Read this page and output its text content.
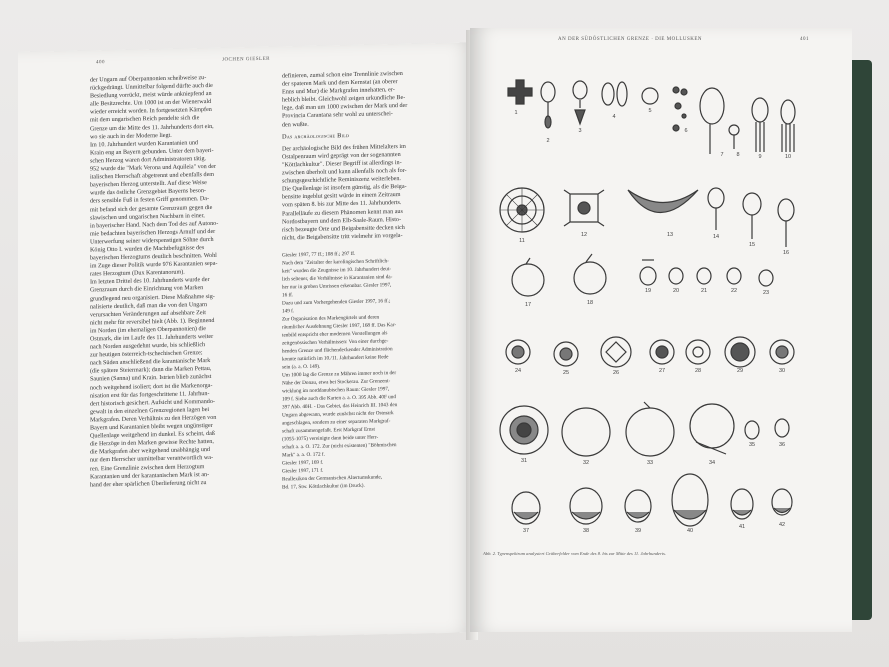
400
JOCHEN GIESLER

der Ungarn auf Oberpannonien scheibweise zu-

rückgedrängt. Unmittelbar folgend dürfte auch die

Besiedlung vorrückt, meist würde ankniepfend an

alle Besitzrechte. Um 1000 ist an der Wienerwald

wieder erreicht worden. In fortgesetzten Kämpfen

mit dem ungarischen Reich pendelte sich die

Grenze um die Mitte des 11. Jahrhunderts dort ein,

wo sie auch in der Moderne liegt.

Im 10. Jahrhundert wurden Karantanien und

Krain eng an Bayern gebunden. Unter dem bayeri-

schen Herzog waren dort Administratoren tätig.

952 wurde die "Mark Verona und Aquileia" von der

italischen Herrschaft abgetrennt und ebenfalls dem

bayerischen Herzog unterstellt. Auf diese Weise

wurde das östliche Grenzgebiet Bayerns beson-

ders sensible Fuß in festen Griff genommen. Da-

mit befand sich der gesamte Grenzraum gegen die

slawischen und ungarischen Nachbarn in einer,

in bayerischer Hand. Nach dem Tod des auf Autono-

mie bedachten bayerischen Herzogs Arnulf und der

Unterwerfung seiner widerspenstigen Söhne durch

König Otto I. wurden die Machtbefugnisse des

bayerischen Herzogtums deutlich beschnitten. Wohl

im Zuge dieser Politik wurde 976 Karantanien sepa-

rates Herzogtum (Dux Karentanorum).

Im letzten Drittel des 10. Jahrhunderts wurde der

Grenzraum durch die Einrichtung von Marken

grundlegend neu organisiert. Diese Maßnahme sig-

nalisierte deutlich, daß man die von den Ungarn

verursachten Veränderungen auf absehbare Zeit

nicht mehr für reversibel hielt (Abb. 1). Beginnend

im Norden (im ehemaligen Oberpannonien) die

Ostmark, die im Laufe des 11. Jahrhunderts weiter

nach Norden ausgedehnt wurde, bis schließlich

zur heutigen österreich-tschechischen Grenze;

nach Süden anschließend die karantanische Mark

(die spätere Steiermark); dann die Marken Pettau,

Saunien (Sanna) und Krain. Istrien blieb zunächst

noch weitgehend isoliert; dort ist die Markenorga-

nisation erst für das fortgeschrittene 11. Jahrhun-

dert historisch gesichert. Aufsicht und Kommando-

gewalt in den einzelnen Grenzregionen lagen bei

Markgrafen. Deren Verhältnis zu den Herzögen von

Bayern und Karantanien bleibt wegen ungünstiger

Quellenlage weitgehend im dunkel. Es scheint, daß

die Herzöge in den Marken gewisse Rechte hatten,

die Markgrafen aber weitgehend unabhängig und

nur dem Herrscher unmittelbar verantwortlich wa-

ren. Eine Grenzlinie zwischen dem Herzogtum

Karantanien und der karantanischen Mark ist an-

hand der eher spärlichen Überlieferung nicht zu

definieren, zumal schon eine Trennlinie zwischen

der spateren Mark und dem Kernstat (an oberer

Enns und Mur) die Markgrafen innehatten, er-

heblich bleibt. Gleichwohl zeigen urkundliche Be-

lege, daß man um 1000 zwischen der Mark und der

Provincia Carantana sehr wohl zu unterschei-

den wußte.

Das archäologische Bild

Der archäologische Bild des frühen Mittelalters im

Ostalpenraum wird geprägt von der sogenannten

"Köttlachkultur". Dieser Begriff ist allerdings in-

zwischen überholt und kann allenfalls noch als for-

schungsgeschichtliche Reminiszenz weiterleben.

Die Quellenlage ist insofern günstig, als die Beiga-

bensitte ingeblut gesitt würde in einem Zeitraum

vom späten 8. bis zur Mitte des 11. Jahrhunderts.

Parallelläufe zu diesem Phänomen kennt man aus

Nordostbayern und dem Elb-Saale-Raum. Histo-

risch bezeugte Orte und Beigabensitte decken sich

nicht, die Beigabensitte tritt vielmehr im vorgela-

Giesler 1997, 77 ff.; 108 ff.; 297 ff.

Nach dem "Zeitalter der karolingischen Schriftlich-

keit" wurden die Zeugnisse im 10. Jahrhundert deut-

lich seltener, die Verhältnisse in Karantanien sind da-

her nur in groben Umrissen erkennbar. Giesler 1997,

16 ff.

Dazu und zum Vorhergehenden Giesler 1997, 16 ff.;

149 f.

Zur Organisation des Markengürtels und deren

räumlicher Ausdehnung Giesler 1997, 168 ff. Das Kar-

tenbild entspricht eher modernen Vorstellungen als

zeitgenössischen Verhältnissen: Von einer durchge-

henden Grenze und flächendeckender Administration

konnte natürlich im 10./11. Jahrhundert keine Rede

sein (a. a. O. 149).

Um 1000 lag die Grenze zu Mähren immer noch in der

Nähe der Donau, etwa bei Stockerau. Zur Grenzent-

wicklung im norddanubischen Raum: Giesler 1997,

109 f. Siehe auch die Karten a. a. O. 395 Abb. 40F und

397 Abb. 40H. - Das Gebiet, das Heinrich III. 1043 den

Ungarn abgewann, wurde zunächst nicht der Ostmark

angeschlagen, sondern zu einer separaten Markgraf-

schaft zusammengefaßt. Erst Markgraf Ernst

(1055-1075) vereinigte dann beide unter Herr-

schaft a. a. O. 172. Zur (nicht existenten) "Böhmischen

Mark" a. a. O. 172 f.

Giesler 1997, 169 f.

Giesler 1997, 171 f.

Reallexikon der Germanischen Altertumskunde,

Bd. 17, Stw. Köttlachkultur (im Druck).

AN DER SÜDÖSTLICHEN GRENZE · DIE MOLLUSKEN	401
1
2
3
4
5
6
7 8	9	10
11
12	13	14
15
16
17	18
19	20	21	22	23
24	25	26	27	28	29	30
31	32	33	34
35	36
37	38	39	40
41	42
Abb. 2. Typenspektrum analysiert Gräberfelder vom Ende des 8. bis zur Mitte des 11. Jahrhunderts.
